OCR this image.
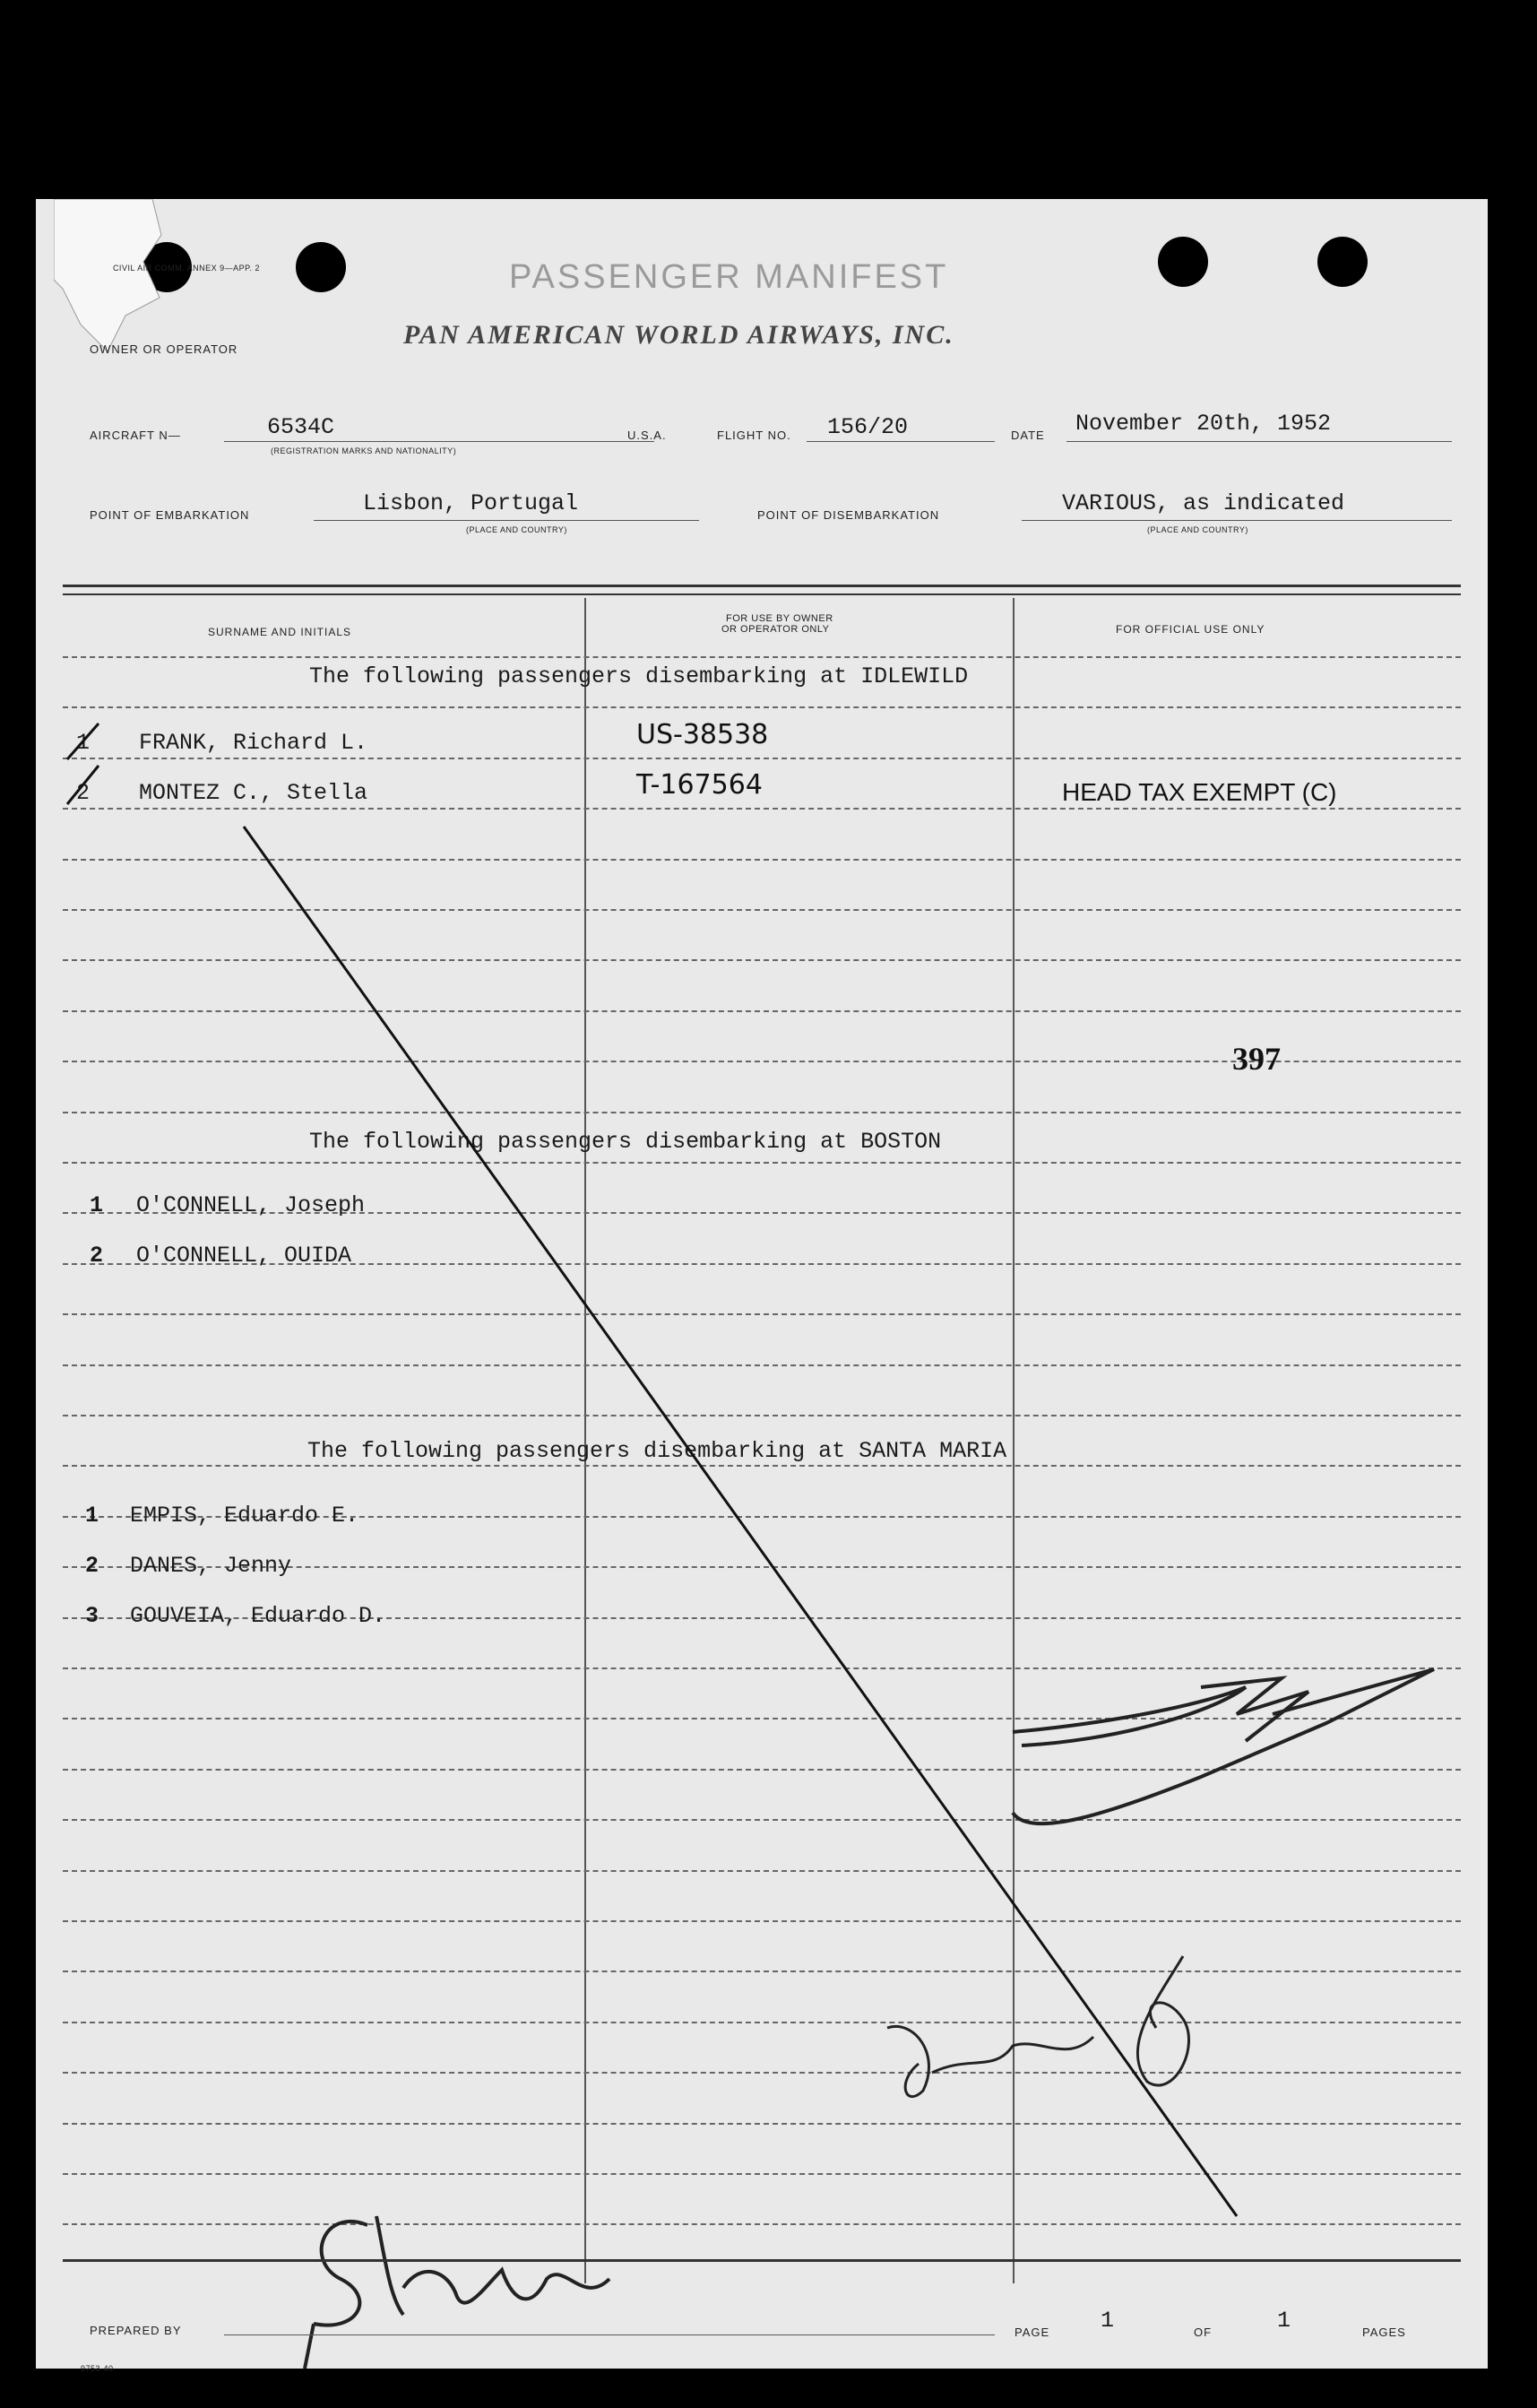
CIVIL AIR COMM. ANNEX 9—APP. 2	PASSENGER MANIFEST
OWNER OR OPERATOR	PAN AMERICAN WORLD AIRWAYS, INC.
AIRCRAFT N—	6534C
(REGISTRATION MARKS AND NATIONALITY)
U.S.A.	FLIGHT NO. 156/20	DATE November 20th, 1952
POINT OF EMBARKATION	Lisbon, Portugal
(PLACE AND COUNTRY)
POINT OF DISEMBARKATION	VARIOUS, as indicated
(PLACE AND COUNTRY)
SURNAME AND INITIALS
FOR USE BY OWNER
OR OPERATOR ONLY	FOR OFFICIAL USE ONLY
The following passengers disembarking at IDLEWILD
1 FRANK, Richard L.	US-38538
2 MONTEZ C., Stella	T-167564	HEAD TAX EXEMPT (C)
397
The following passengers disembarking at BOSTON
1 O'CONNELL, Joseph
2 O'CONNELL, OUIDA
The following passengers disembarking at SANTA MARIA
1 EMPIS, Eduardo E.
2 DANES, Jenny
3 GOUVEIA, Eduardo D.
PREPARED BY	PAGE 1	OF	1	PAGES
9753-40
